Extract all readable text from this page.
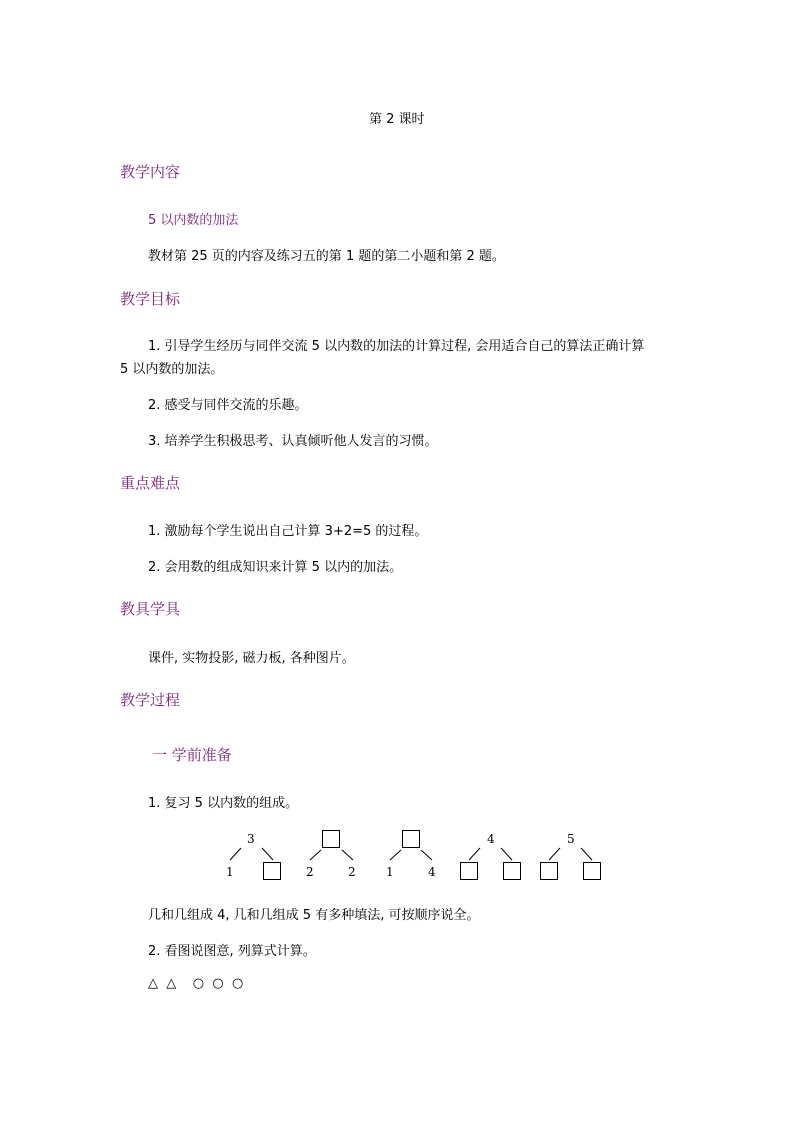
第 2 课时
教学内容
5 以内数的加法
教材第 25 页的内容及练习五的第 1 题的第二小题和第 2 题。
教学目标
1. 引导学生经历与同伴交流 5 以内数的加法的计算过程, 会用适合自己的算法正确计算
5 以内数的加法。
2. 感受与同伴交流的乐趣。
3. 培养学生积极思考、认真倾听他人发言的习惯。
重点难点
1. 激励每个学生说出自己计算 3+2=5 的过程。
2. 会用数的组成知识来计算 5 以内的加法。
教具学具
课件, 实物投影, 磁力板, 各种图片。
教学过程
一 学前准备
1. 复习 5 以内数的组成。
3
1	2	2	1	4
4	5
几和几组成 4, 几和几组成 5 有多种填法, 可按顺序说全。
2. 看图说图意, 列算式计算。
△  △    ○  ○  ○
